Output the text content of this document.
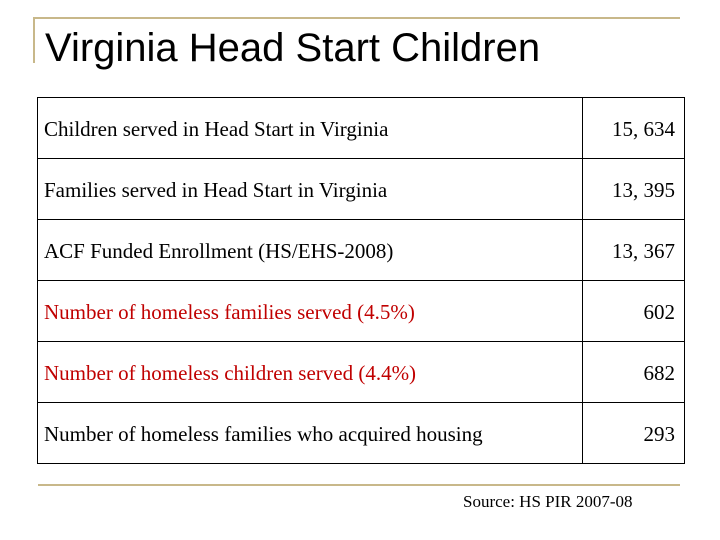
Virginia Head Start Children
Children served in Head Start in Virginia	15, 634
Families served in Head Start in Virginia	13, 395
ACF Funded Enrollment (HS/EHS-2008)	13, 367
Number of homeless families served (4.5%)	602
Number of homeless children served (4.4%)	682
Number of homeless families who acquired housing	293
Source: HS PIR 2007-08
